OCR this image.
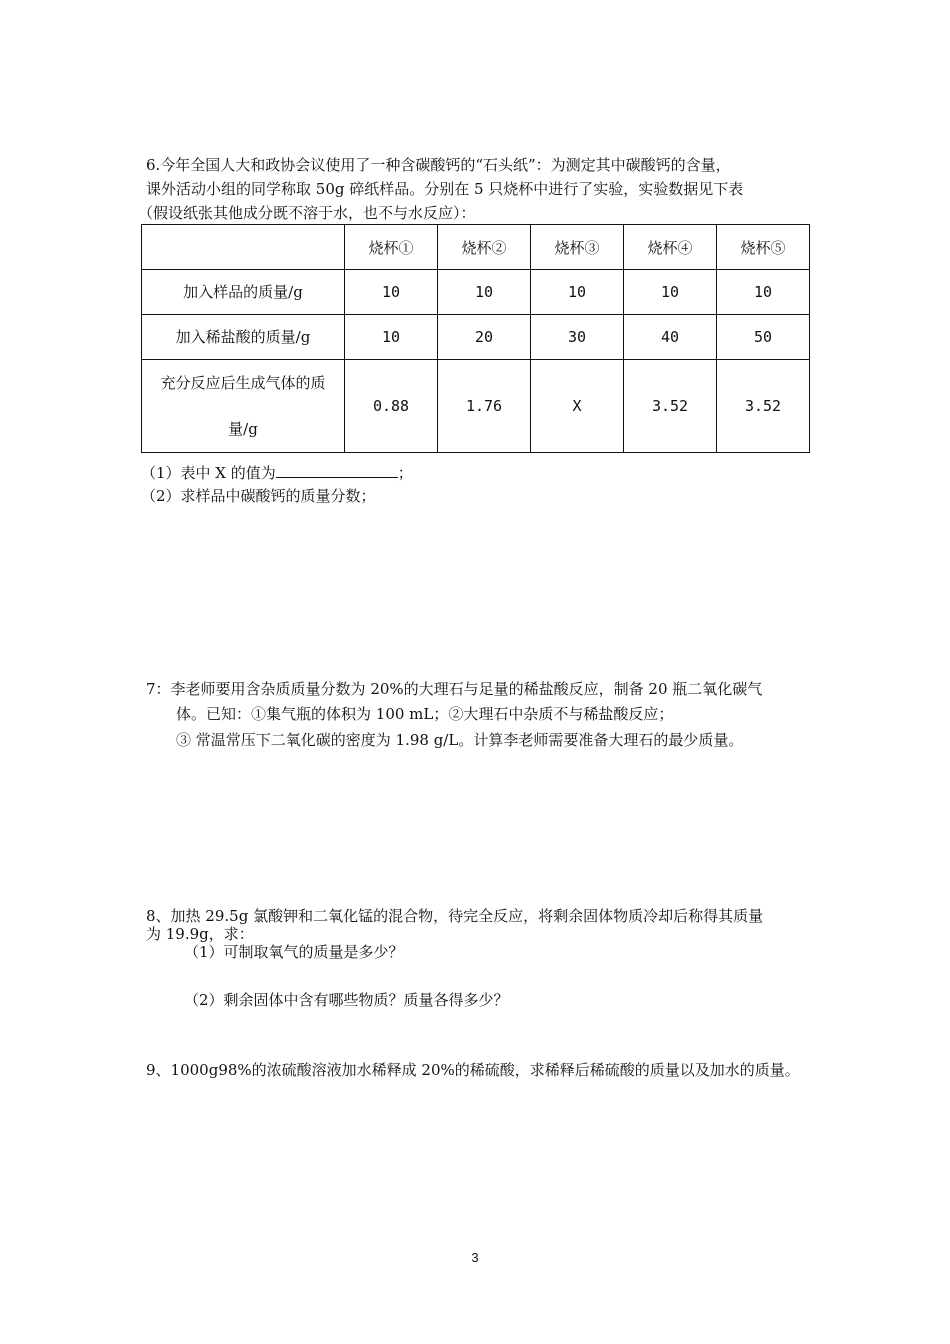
6.今年全国人大和政协会议使用了一种含碳酸钙的“石头纸”：为测定其中碳酸钙的含量，
课外活动小组的同学称取 50g 碎纸样品。分别在 5 只烧杯中进行了实验，实验数据见下表
（假设纸张其他成分既不溶于水，也不与水反应）：
	烧杯①	烧杯②	烧杯③	烧杯④	烧杯⑤
加入样品的质量/g	10	10	10	10	10
加入稀盐酸的质量/g	10	20	30	40	50

充分反应后生成气体的质
量/g	0.88	1.76	X	3.52	3.52
（1）表中 X 的值为	；
（2）求样品中碳酸钙的质量分数；
7：李老师要用含杂质质量分数为 20%的大理石与足量的稀盐酸反应，制备 20 瓶二氧化碳气
体。已知：①集气瓶的体积为 100 mL；②大理石中杂质不与稀盐酸反应；
③ 常温常压下二氧化碳的密度为 1.98 g/L。计算李老师需要准备大理石的最少质量。
8、加热 29.5g 氯酸钾和二氧化锰的混合物，待完全反应，将剩余固体物质冷却后称得其质量
为 19.9g，求：
（1）可制取氧气的质量是多少？
（2）剩余固体中含有哪些物质？质量各得多少？
9、1000g98%的浓硫酸溶液加水稀释成 20%的稀硫酸，求稀释后稀硫酸的质量以及加水的质量。
3
